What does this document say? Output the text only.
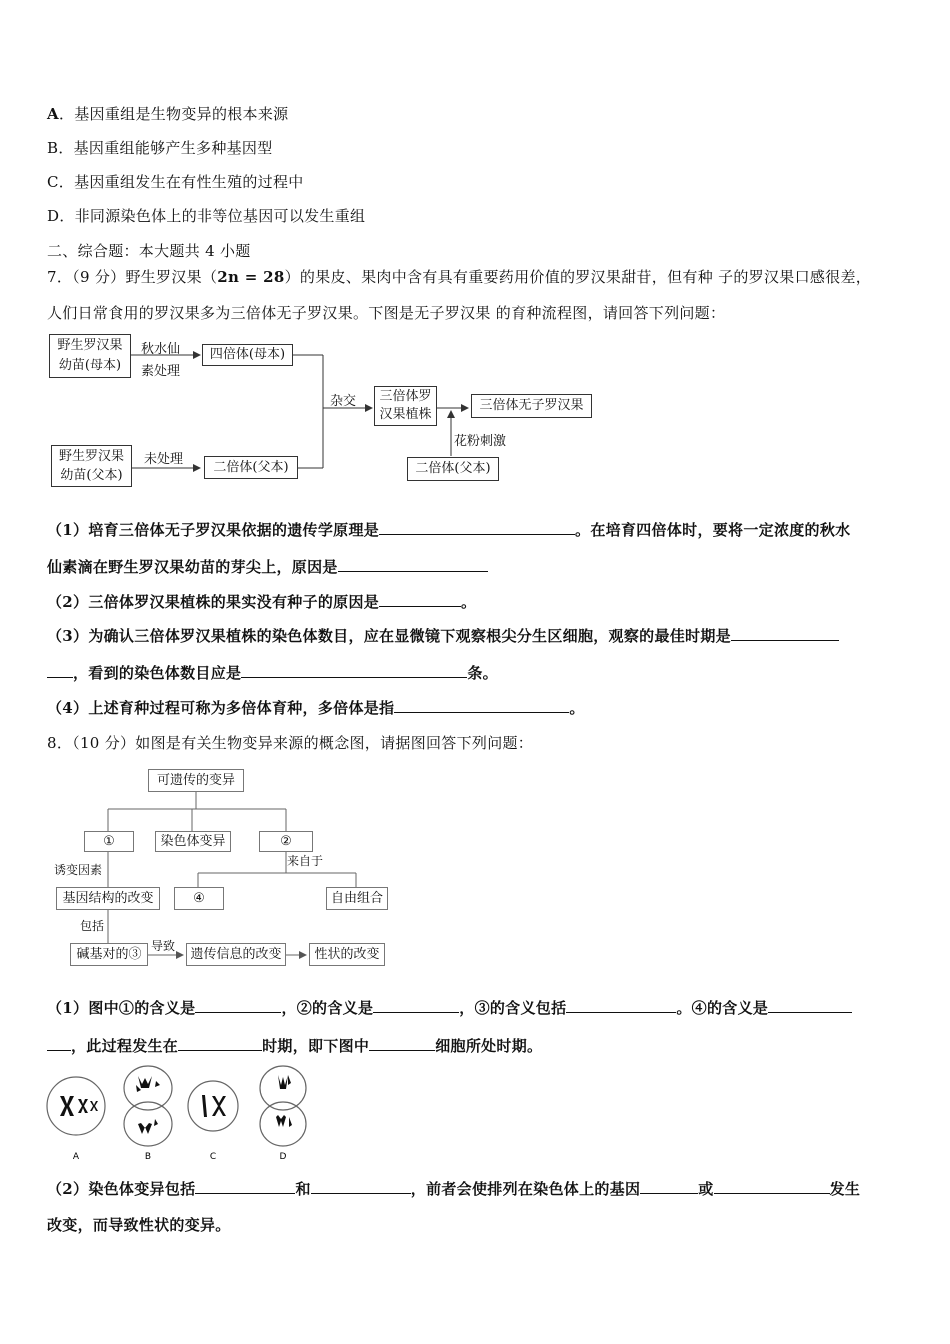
A．基因重组是生物变异的根本来源
B．基因重组能够产生多种基因型
C．基因重组发生在有性生殖的过程中
D．非同源染色体上的非等位基因可以发生重组
二、综合题：本大题共 4 小题
7．（9 分）野生罗汉果（2n = 28）的果皮、果肉中含有具有重要药用价值的罗汉果甜苷，但有种 子的罗汉果口感很差，
人们日常食用的罗汉果多为三倍体无子罗汉果。下图是无子罗汉果 的育种流程图，请回答下列问题：
野生罗汉果
幼苗(母本)
秋水仙
素处理
四倍体(母本)
野生罗汉果
幼苗(父本)
未处理
二倍体(父本)
杂交	三倍体罗
汉果植株
三倍体无子罗汉果
花粉刺激
二倍体(父本)
（1）培育三倍体无子罗汉果依据的遗传学原理是	。在培育四倍体时，要将一定浓度的秋水
仙素滴在野生罗汉果幼苗的芽尖上，原因是
（2）三倍体罗汉果植株的果实没有种子的原因是	。
（3）为确认三倍体罗汉果植株的染色体数目，应在显微镜下观察根尖分生区细胞，观察的最佳时期是
，看到的染色体数目应是	条。
（4）上述育种过程可称为多倍体育种，多倍体是指	。
8．（10 分）如图是有关生物变异来源的概念图，请据图回答下列问题：
可遗传的变异
①	染色体变异	②
诱变因素
来自于
基因结构的改变	④	自由组合
包括
碱基对的③
导致
遗传信息的改变	性状的改变
（1）图中①的含义是	，②的含义是	，③的含义包括	。④的含义是
，此过程发生在	时期，即下图中	细胞所处时期。
A	B	C	D
（2）染色体变异包括	和	，前者会使排列在染色体上的基因	或	发生
改变，而导致性状的变异。
